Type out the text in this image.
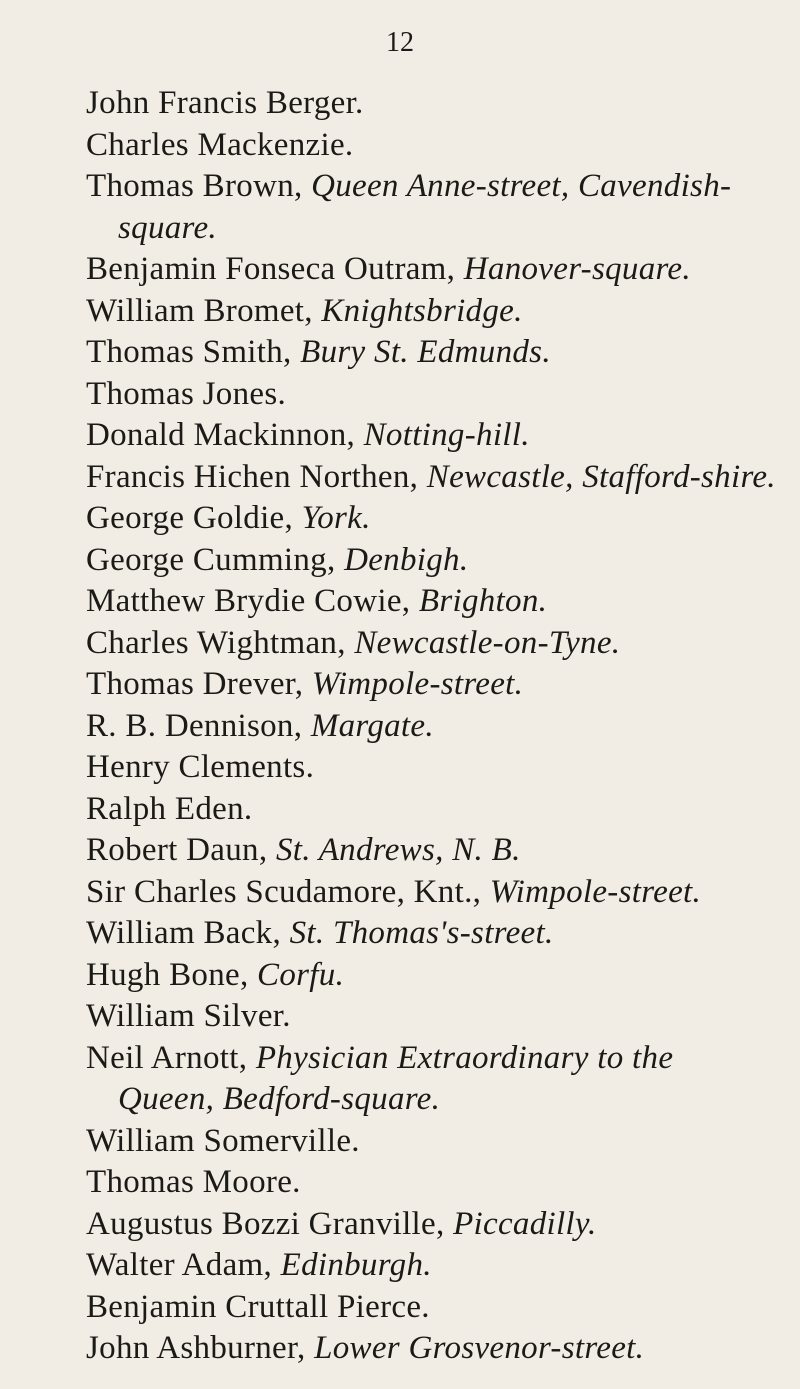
12
John Francis Berger.
Charles Mackenzie.
Thomas Brown, Queen Anne-street, Cavendish-square.
Benjamin Fonseca Outram, Hanover-square.
William Bromet, Knightsbridge.
Thomas Smith, Bury St. Edmunds.
Thomas Jones.
Donald Mackinnon, Notting-hill.
Francis Hichen Northen, Newcastle, Stafford-shire.
George Goldie, York.
George Cumming, Denbigh.
Matthew Brydie Cowie, Brighton.
Charles Wightman, Newcastle-on-Tyne.
Thomas Drever, Wimpole-street.
R. B. Dennison, Margate.
Henry Clements.
Ralph Eden.
Robert Daun, St. Andrews, N. B.
Sir Charles Scudamore, Knt., Wimpole-street.
William Back, St. Thomas's-street.
Hugh Bone, Corfu.
William Silver.
Neil Arnott, Physician Extraordinary to the Queen, Bedford-square.
William Somerville.
Thomas Moore.
Augustus Bozzi Granville, Piccadilly.
Walter Adam, Edinburgh.
Benjamin Cruttall Pierce.
John Ashburner, Lower Grosvenor-street.
